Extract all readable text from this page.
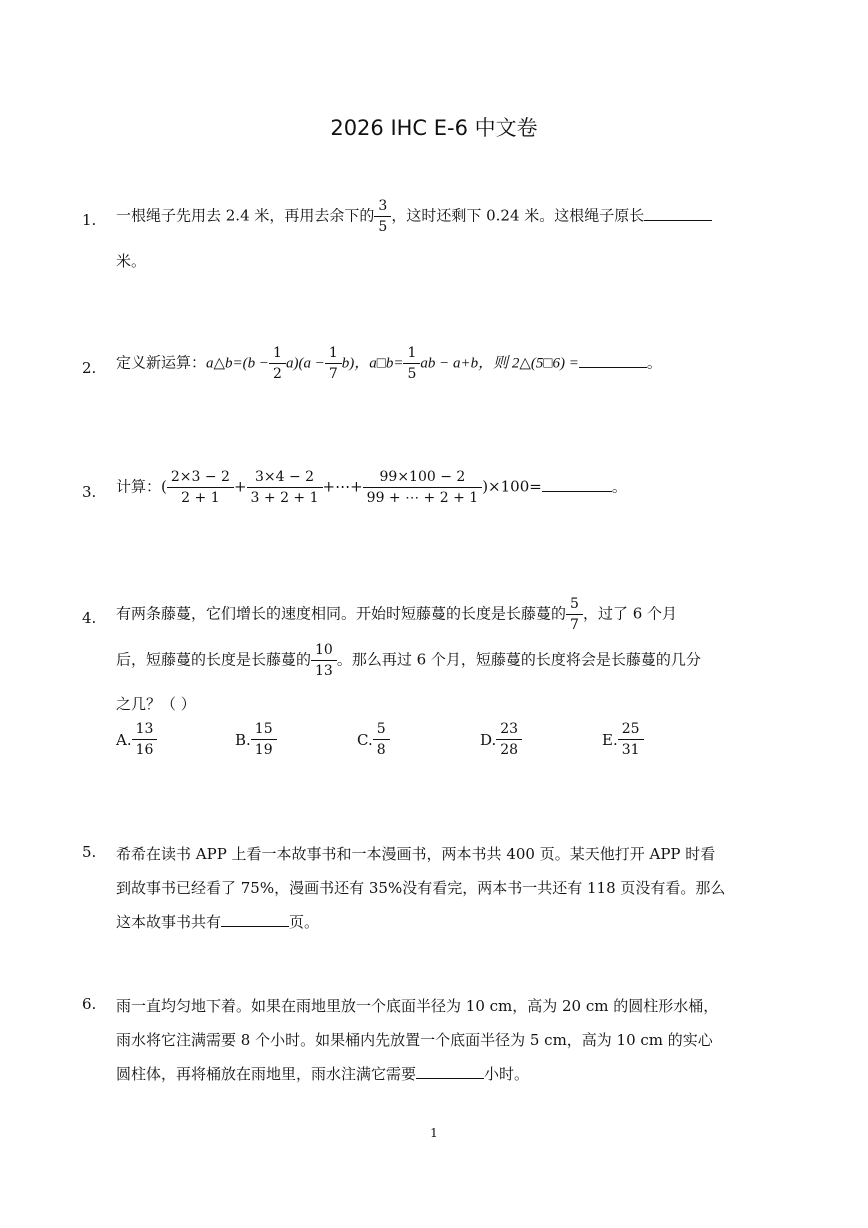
2026 IHC E-6 中文卷
1. 一根绳子先用去 2.4 米，再用去余下的 $\frac{3}{5}$ ，这时还剩下 0.24 米。这根绳子原长
米。
2. 定义新运算：a△b=(b − $\frac{1}{2} a)(a - \frac{1}{7} b)$，a□b= $\frac{1}{5}$ ab − a+b，则 2△(5□6) =	。
3. 计算：( $\frac{2\times 3 - 2}{2 + 1} + \frac{3\times 4 - 2}{3 + 2 + 1}$ +⋯+ $\frac{99\times 100 - 2}{99 + \cdots + 2 + 1} )\times 100=$	。
4. 有两条藤蔓，它们增长的速度相同。开始时短藤蔓的长度是长藤蔓的 $\frac{5}{7}$ ，过了 6 个月
后，短藤蔓的长度是长藤蔓的 $\frac{10}{13}$ 。那么再过 6 个月，短藤蔓的长度将会是长藤蔓的几分
之几？（ ）
A. $\frac{13}{16}$	B. $\frac{15}{19}$	C. $\frac{5}{8}$	D. $\frac{23}{28}$	E. $\frac{25}{31}$
5. 希希在读书 APP 上看一本故事书和一本漫画书，两本书共 400 页。某天他打开 APP 时看
到故事书已经看了 75%，漫画书还有 35%没有看完，两本书一共还有 118 页没有看。那么
这本故事书共有	页。
6. 雨一直均匀地下着。如果在雨地里放一个底面半径为 10 cm，高为 20 cm 的圆柱形水桶，
雨水将它注满需要 8 个小时。如果桶内先放置一个底面半径为 5 cm，高为 10 cm 的实心
圆柱体，再将桶放在雨地里，雨水注满它需要	小时。
1
